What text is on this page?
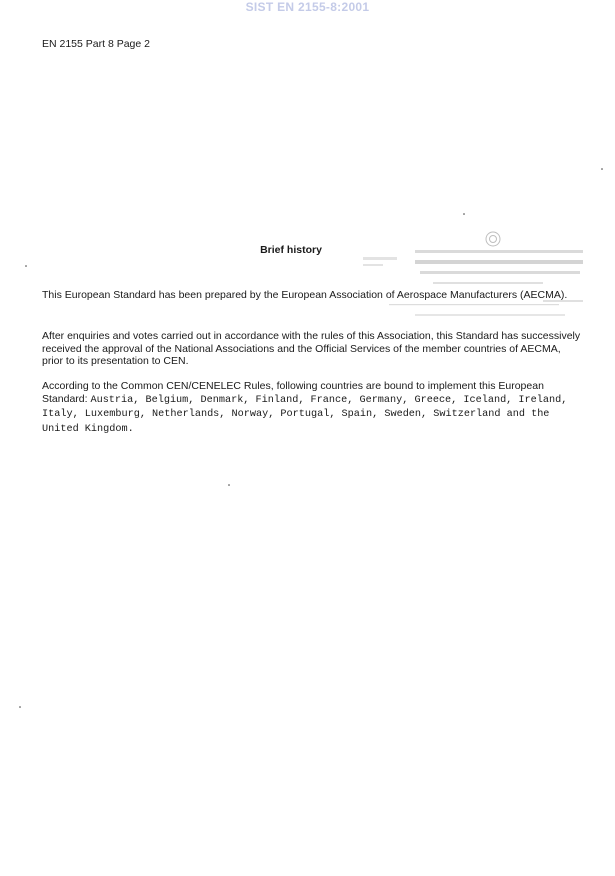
SIST EN 2155-8:2001
EN 2155 Part 8 Page 2
Brief history
This European Standard has been prepared by the European Association of Aerospace Manufacturers (AECMA).
After enquiries and votes carried out in accordance with the rules of this Association, this Standard has successively received the approval of the National Associations and the Official Services of the member countries of AECMA, prior to its presentation to CEN.
According to the Common CEN/CENELEC Rules, following countries are bound to implement this European Standard: Austria, Belgium, Denmark, Finland, France, Germany, Greece, Iceland, Ireland, Italy, Luxemburg, Netherlands, Norway, Portugal, Spain, Sweden, Switzerland and the United Kingdom.
